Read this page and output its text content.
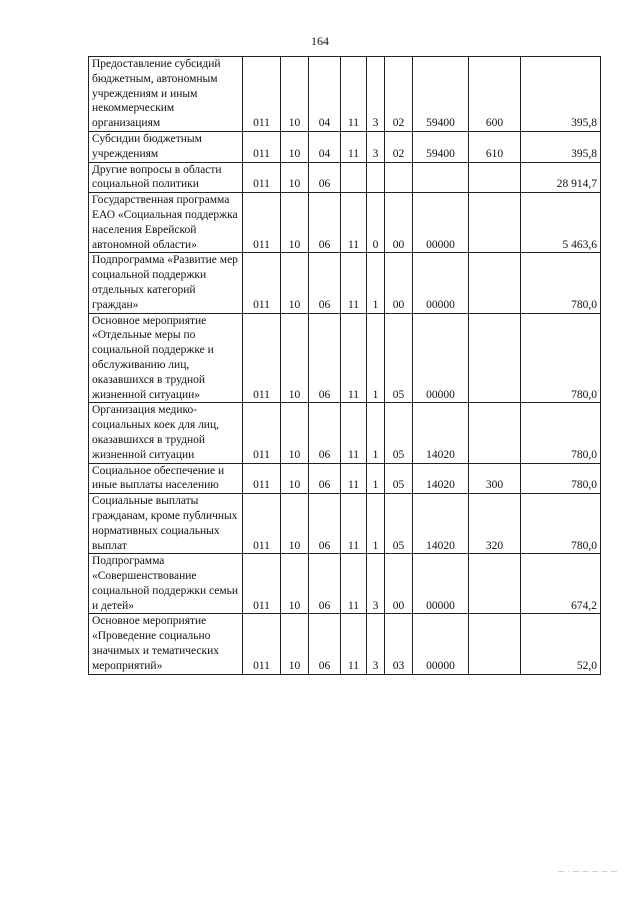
164
Предоставление субсидий бюджетным, автономным учреждениям и иным некоммерческим организациям	011	10	04	11	3	02	59400	600	395,8
Субсидии бюджетным учреждениям	011	10	04	11	3	02	59400	610	395,8
Другие вопросы в области социальной политики	011	10	06						28 914,7
Государственная программа ЕАО «Социальная поддержка населения Еврейской автономной области»	011	10	06	11	0	00	00000		5 463,6
Подпрограмма «Развитие мер социальной поддержки отдельных категорий граждан»	011	10	06	11	1	00	00000		780,0
Основное мероприятие «Отдельные меры по социальной поддержке и обслуживанию лиц, оказавшихся в трудной жизненной ситуации»	011	10	06	11	1	05	00000		780,0
Организация медико-социальных коек для лиц, оказавшихся в трудной жизненной ситуации	011	10	06	11	1	05	14020		780,0
Социальное обеспечение и иные выплаты населению	011	10	06	11	1	05	14020	300	780,0
Социальные выплаты гражданам, кроме публичных нормативных социальных выплат	011	10	06	11	1	05	14020	320	780,0
Подпрограмма «Совершенствование социальной поддержки семьи и детей»	011	10	06	11	3	00	00000		674,2
Основное мероприятие «Проведение социально значимых и тематических мероприятий»	011	10	06	11	3	03	00000		52,0
— · — — — — —
